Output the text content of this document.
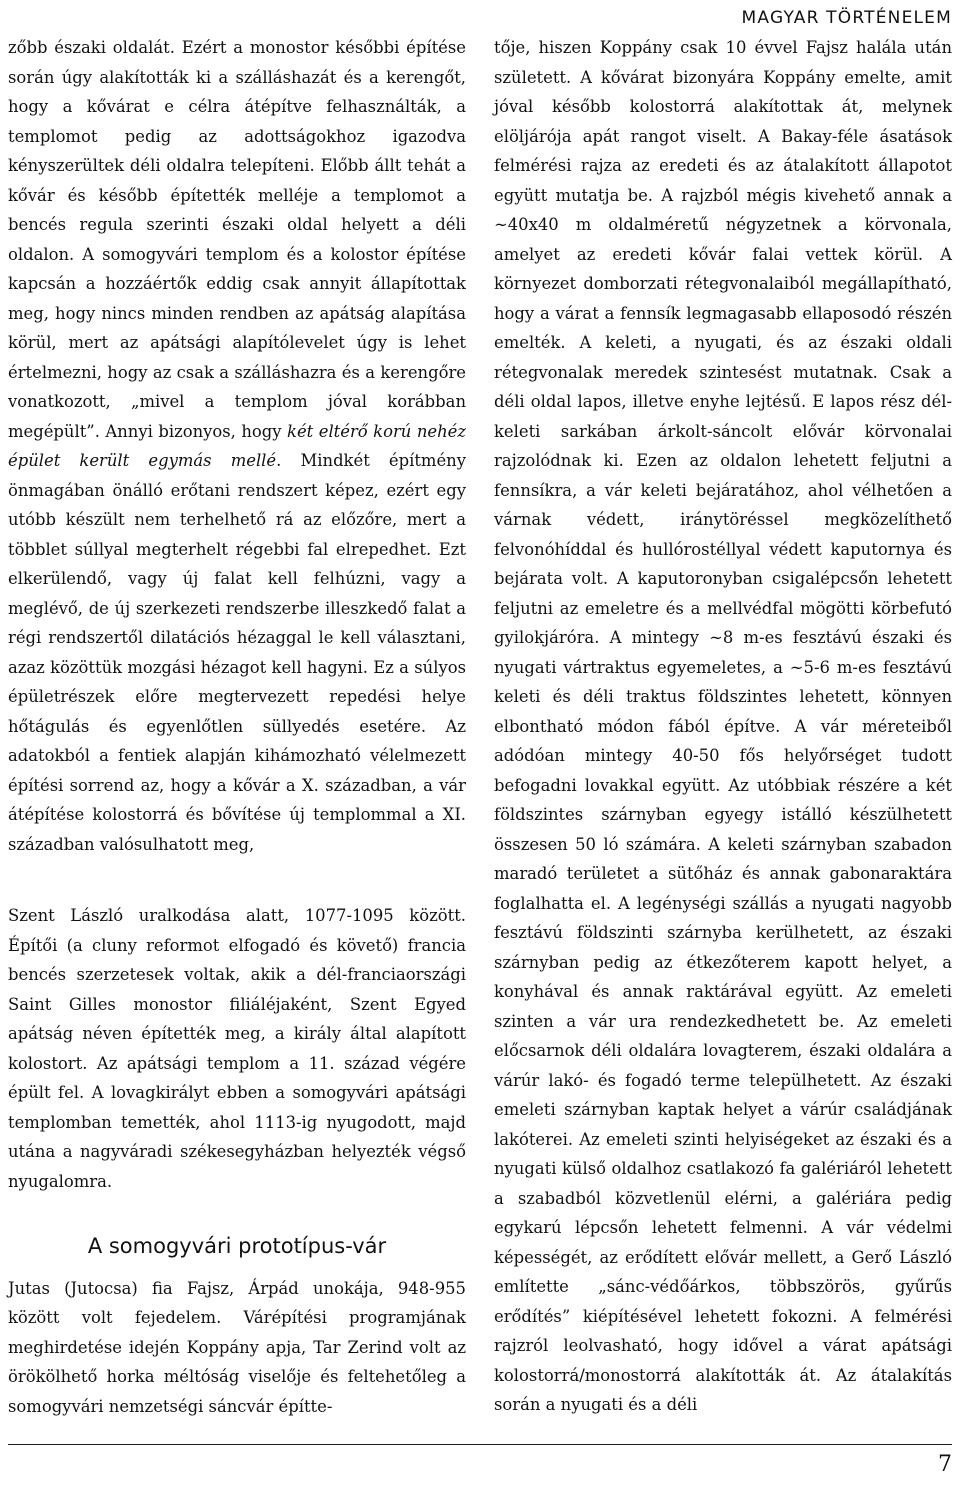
MAGYAR TÖRTÉNELEM

zőbb északi oldalát. Ezért a monostor későbbi építése során úgy alakították ki a szálláshazát és a kerengőt, hogy a kővárat e célra átépítve felhasználták, a templomot pedig az adottságokhoz igazodva kényszerültek déli oldalra telepíteni. Előbb állt tehát a kővár és később építették melléje a templomot a bencés regula szerinti északi oldal helyett a déli oldalon. A somogyvári templom és a kolostor építése kapcsán a hozzáértők eddig csak annyit állapítottak meg, hogy nincs minden rendben az apátság alapítása körül, mert az apátsági alapítólevelet úgy is lehet értelmezni, hogy az csak a szálláshazra és a kerengőre vonatkozott, „mivel a templom jóval korábban megépült”. Annyi bizonyos, hogy két eltérő korú nehéz épület került egymás mellé. Mindkét építmény önmagában önálló erőtani rendszert képez, ezért egy utóbb készült nem terhelhető rá az előzőre, mert a többlet súllyal megterhelt régebbi fal elrepedhet. Ezt elkerülendő, vagy új falat kell felhúzni, vagy a meglévő, de új szerkezeti rendszerbe illeszkedő falat a régi rendszertől dilatációs hézaggal le kell választani, azaz közöttük mozgási hézagot kell hagyni. Ez a súlyos épületrészek előre megtervezett repedési helye hőtágulás és egyenlőtlen süllyedés esetére. Az adatokból a fentiek alapján kihámozható vélelmezett építési sorrend az, hogy a kővár a X. században, a vár átépítése kolostorrá és bővítése új templommal a XI. században valósulhatott meg,

Szent László uralkodása alatt, 1077-1095 között. Építői (a cluny reformot elfogadó és követő) francia bencés szerzetesek voltak, akik a dél-franciaországi Saint Gilles monostor filiáléjaként, Szent Egyed apátság néven építették meg, a király által alapított kolostort. Az apátsági templom a 11. század végére épült fel. A lovagkirályt ebben a somogyvári apátsági templomban temették, ahol 1113-ig nyugodott, majd utána a nagyváradi székesegyházban helyezték végső nyugalomra.

A somogyvári prototípus-vár

Jutas (Jutocsa) fia Fajsz, Árpád unokája, 948-955 között volt fejedelem. Várépítési programjának meghirdetése idején Koppány apja, Tar Zerind volt az örökölhető horka méltóság viselője és feltehetőleg a somogyvári nemzetségi sáncvár építte-

tője, hiszen Koppány csak 10 évvel Fajsz halála után született. A kővárat bizonyára Koppány emelte, amit jóval később kolostorrá alakítottak át, melynek elöljárója apát rangot viselt. A Bakay-féle ásatások felmérési rajza az eredeti és az átalakított állapotot együtt mutatja be. A rajzból mégis kivehető annak a ∼40x40 m oldalméretű négyzetnek a körvonala, amelyet az eredeti kővár falai vettek körül. A környezet domborzati rétegvonalaiból megállapítható, hogy a várat a fennsík legmagasabb ellaposodó részén emelték. A keleti, a nyugati, és az északi oldali rétegvonalak meredek szintesést mutatnak. Csak a déli oldal lapos, illetve enyhe lejtésű. E lapos rész dél-keleti sarkában árkolt-sáncolt elővár körvonalai rajzolódnak ki. Ezen az oldalon lehetett feljutni a fennsíkra, a vár keleti bejáratához, ahol vélhetően a várnak védett, iránytöréssel megközelíthető felvonóhíddal és hullórostéllyal védett kaputornya és bejárata volt. A kaputoronyban csigalépcsőn lehetett feljutni az emeletre és a mellvédfal mögötti körbefutó gyilokjáróra. A mintegy ∼8 m-es fesztávú északi és nyugati vártraktus egyemeletes, a ∼5-6 m-es fesztávú keleti és déli traktus földszintes lehetett, könnyen elbontható módon fából építve. A vár méreteiből adódóan mintegy 40-50 fős helyőrséget tudott befogadni lovakkal együtt. Az utóbbiak részére a két földszintes szárnyban egyegy istálló készülhetett összesen 50 ló számára. A keleti szárnyban szabadon maradó területet a sütőház és annak gabonaraktára foglalhatta el. A legénységi szállás a nyugati nagyobb fesztávú földszinti szárnyba kerülhetett, az északi szárnyban pedig az étkezőterem kapott helyet, a konyhával és annak raktárával együtt. Az emeleti szinten a vár ura rendezkedhetett be. Az emeleti előcsarnok déli oldalára lovagterem, északi oldalára a várúr lakó- és fogadó terme települhetett. Az északi emeleti szárnyban kaptak helyet a várúr családjának lakóterei. Az emeleti szinti helyiségeket az északi és a nyugati külső oldalhoz csatlakozó fa galériáról lehetett a szabadból közvetlenül elérni, a galériára pedig egykarú lépcsőn lehetett felmenni. A vár védelmi képességét, az erődített elővár mellett, a Gerő László említette „sánc-védőárkos, többszörös, gyűrűs erődítés” kiépítésével lehetett fokozni. A felmérési rajzról leolvasható, hogy idővel a várat apátsági kolostorrá/monostorrá alakították át. Az átalakítás során a nyugati és a déli

7
